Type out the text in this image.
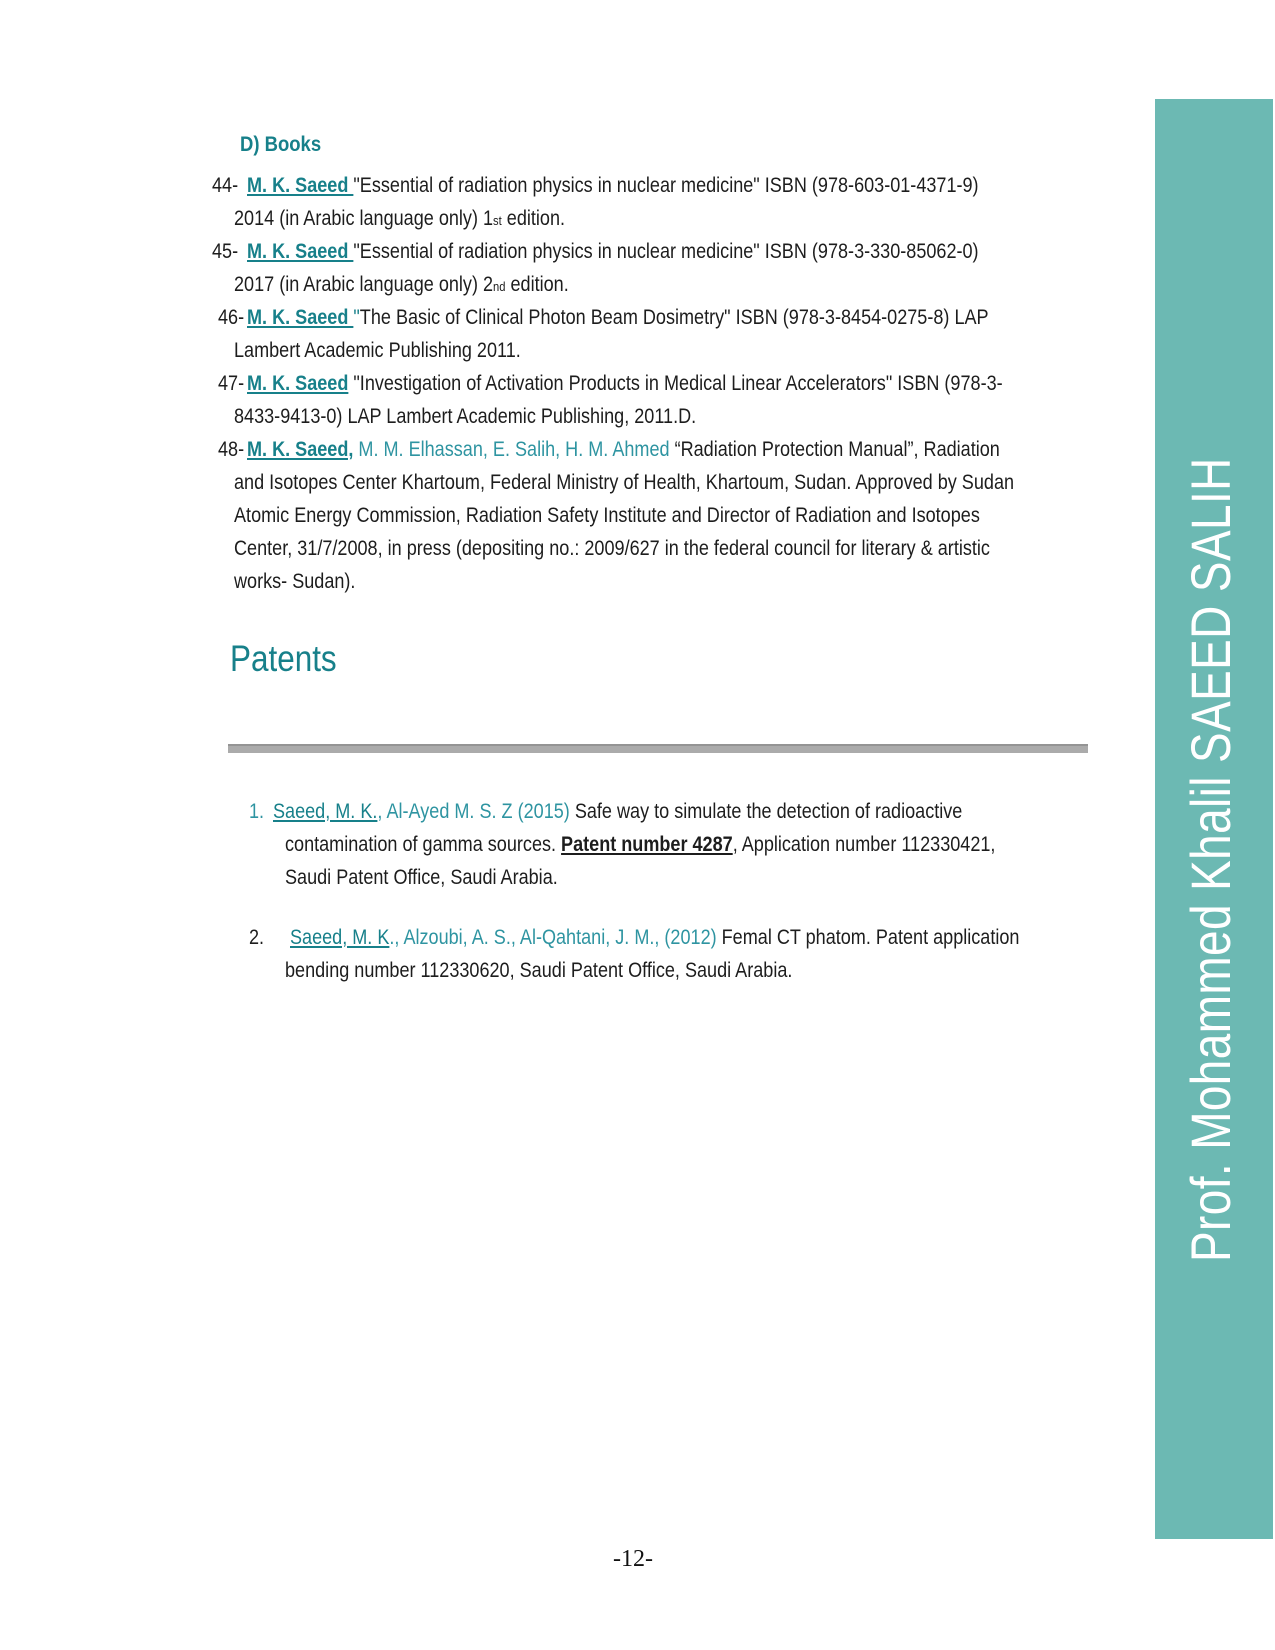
D) Books
44- M. K. Saeed "Essential of radiation physics in nuclear medicine" ISBN (978-603-01-4371-9)
2014 (in Arabic language only) 1st edition.
45- M. K. Saeed "Essential of radiation physics in nuclear medicine" ISBN (978-3-330-85062-0)
2017 (in Arabic language only) 2nd edition.
46- M. K. Saeed "The Basic of Clinical Photon Beam Dosimetry" ISBN (978-3-8454-0275-8) LAP
Lambert Academic Publishing 2011.
47- M. K. Saeed "Investigation of Activation Products in Medical Linear Accelerators" ISBN (978-3-
8433-9413-0) LAP Lambert Academic Publishing, 2011.D.
48- M. K. Saeed, M. M. Elhassan, E. Salih, H. M. Ahmed “Radiation Protection Manual”, Radiation
and Isotopes Center Khartoum, Federal Ministry of Health, Khartoum, Sudan. Approved by Sudan
Atomic Energy Commission, Radiation Safety Institute and Director of Radiation and Isotopes
Center, 31/7/2008, in press (depositing no.: 2009/627 in the federal council for literary & artistic
works- Sudan).
Patents
1. Saeed, M. K., Al-Ayed M. S. Z (2015) Safe way to simulate the detection of radioactive
contamination of gamma sources. Patent number 4287, Application number 112330421,
Saudi Patent Office, Saudi Arabia.
2. Saeed, M. K., Alzoubi, A. S., Al-Qahtani, J. M., (2012) Femal CT phatom. Patent application
bending number 112330620, Saudi Patent Office, Saudi Arabia.
-12-
Prof. Mohammed Khalil SAEED SALIH
